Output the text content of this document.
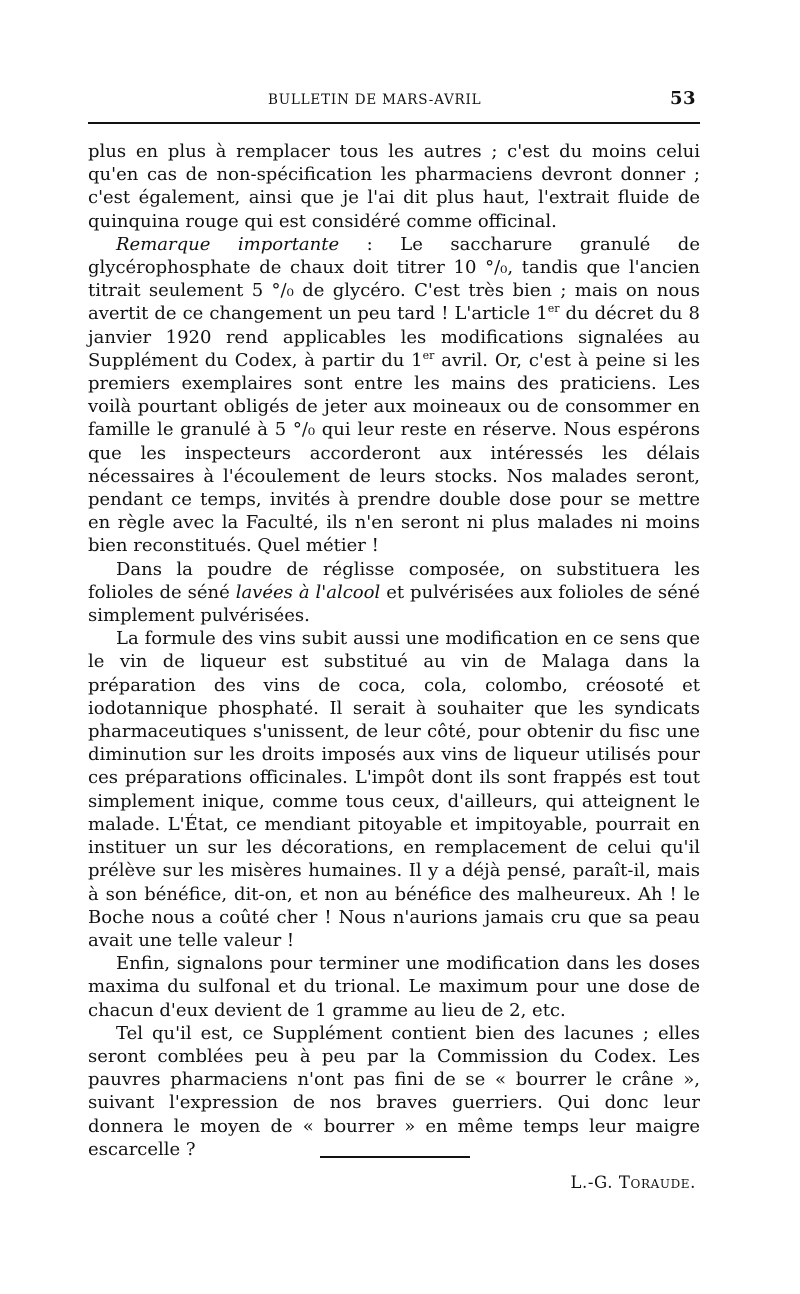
BULLETIN DE MARS-AVRIL	53

plus en plus à remplacer tous les autres ; c'est du moins celui qu'en cas de non-spécification les pharmaciens devront donner ; c'est également, ainsi que je l'ai dit plus haut, l'extrait fluide de quinquina rouge qui est considéré comme officinal.

Remarque importante : Le saccharure granulé de glycérophosphate de chaux doit titrer 10 °/₀, tandis que l'ancien titrait seulement 5 °/₀ de glycéro. C'est très bien ; mais on nous avertit de ce changement un peu tard ! L'article 1er du décret du 8 janvier 1920 rend applicables les modifications signalées au Supplément du Codex, à partir du 1er avril. Or, c'est à peine si les premiers exemplaires sont entre les mains des praticiens. Les voilà pourtant obligés de jeter aux moineaux ou de consommer en famille le granulé à 5 °/₀ qui leur reste en réserve. Nous espérons que les inspecteurs accorderont aux intéressés les délais nécessaires à l'écoulement de leurs stocks. Nos malades seront, pendant ce temps, invités à prendre double dose pour se mettre en règle avec la Faculté, ils n'en seront ni plus malades ni moins bien reconstitués. Quel métier !

Dans la poudre de réglisse composée, on substituera les folioles de séné lavées à l'alcool et pulvérisées aux folioles de séné simplement pulvérisées.

La formule des vins subit aussi une modification en ce sens que le vin de liqueur est substitué au vin de Malaga dans la préparation des vins de coca, cola, colombo, créosoté et iodotannique phosphaté. Il serait à souhaiter que les syndicats pharmaceutiques s'unissent, de leur côté, pour obtenir du fisc une diminution sur les droits imposés aux vins de liqueur utilisés pour ces préparations officinales. L'impôt dont ils sont frappés est tout simplement inique, comme tous ceux, d'ailleurs, qui atteignent le malade. L'État, ce mendiant pitoyable et impitoyable, pourrait en instituer un sur les décorations, en remplacement de celui qu'il prélève sur les misères humaines. Il y a déjà pensé, paraît-il, mais à son bénéfice, dit-on, et non au bénéfice des malheureux. Ah ! le Boche nous a coûté cher ! Nous n'aurions jamais cru que sa peau avait une telle valeur !

Enfin, signalons pour terminer une modification dans les doses maxima du sulfonal et du trional. Le maximum pour une dose de chacun d'eux devient de 1 gramme au lieu de 2, etc.

Tel qu'il est, ce Supplément contient bien des lacunes ; elles seront comblées peu à peu par la Commission du Codex. Les pauvres pharmaciens n'ont pas fini de se « bourrer le crâne », suivant l'expression de nos braves guerriers. Qui donc leur donnera le moyen de « bourrer » en même temps leur maigre escarcelle ?

L.-G. Toraude.
